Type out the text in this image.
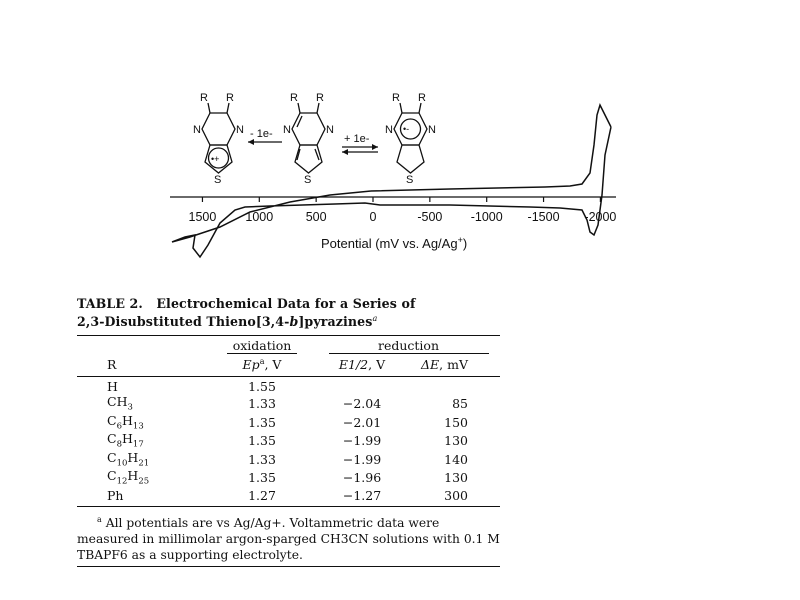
R R
N	N
S
•+
- 1e-
R R
N	N
S
+ 1e-
R R
N	N
S
•-
1500 1000	500	0	-500 -1000 -1500 -2000
Potential (mV vs. Ag/Ag+)
TABLE 2. Electrochemical Data for a Series of
2,3-Disubstituted Thieno[3,4-b]pyrazines$^a$

	oxidation	reduction	

R	Ep$^a$, V	E1/2, V	ΔE, mV

H	1.55		
$CH_3$	1.33	−2.04	85
$C_6H_{13}$	1.35	−2.01	150
$C_8H_{17}$	1.35	−1.99	130
$C_{10}H_{21}$	1.33	−1.99	140
$C_{12}H_{25}$	1.35	−1.96	130
Ph	1.27	−1.27	300
$^a$ All potentials are vs Ag/Ag+. Voltammetric data were measured in millimolar argon-sparged CH3CN solutions with 0.1 M TBAPF6 as a supporting electrolyte.
